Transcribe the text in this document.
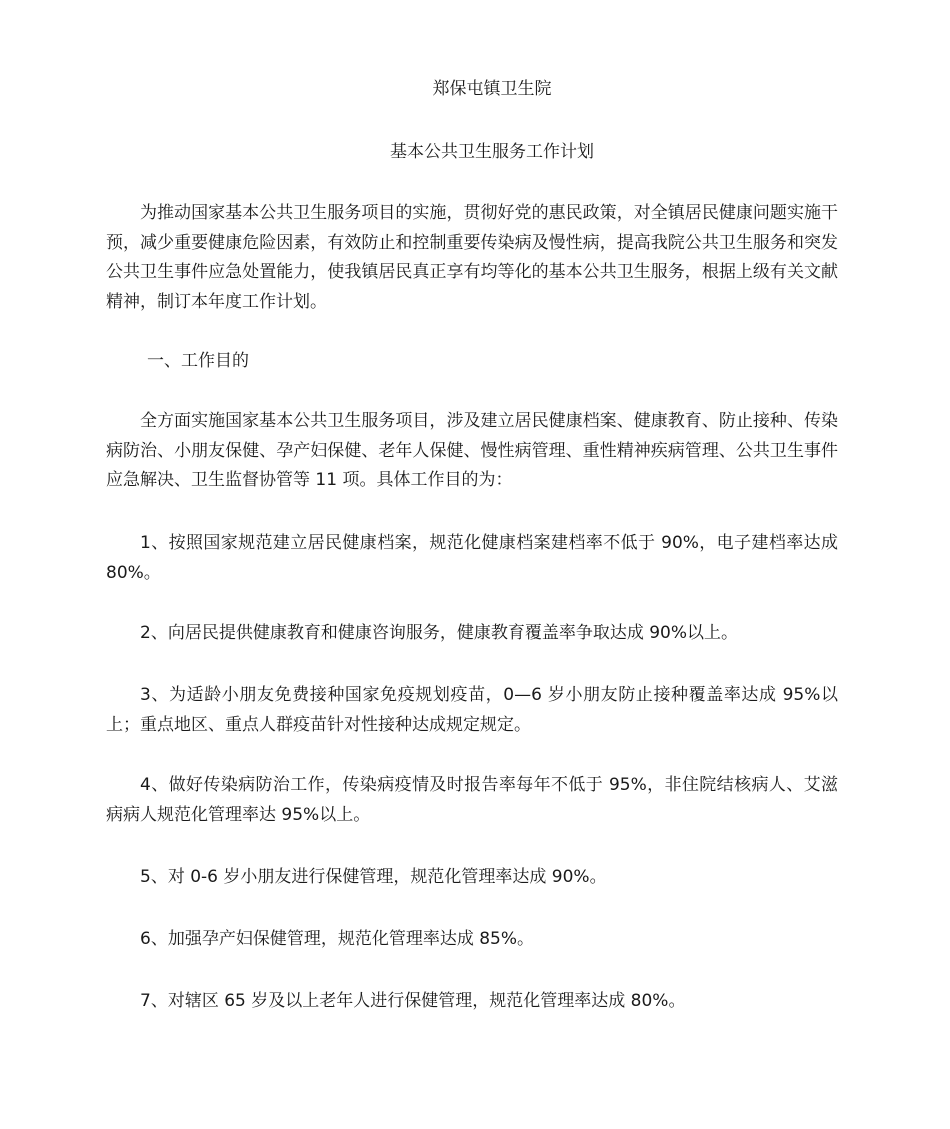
郑保屯镇卫生院
基本公共卫生服务工作计划

为推动国家基本公共卫生服务项目的实施，贯彻好党的惠民政策，对全镇居民健康问题实施干预，减少重要健康危险因素，有效防止和控制重要传染病及慢性病，提高我院公共卫生服务和突发公共卫生事件应急处置能力，使我镇居民真正享有均等化的基本公共卫生服务，根据上级有关文献精神，制订本年度工作计划。

一、工作目的

全方面实施国家基本公共卫生服务项目，涉及建立居民健康档案、健康教育、防止接种、传染病防治、小朋友保健、孕产妇保健、老年人保健、慢性病管理、重性精神疾病管理、公共卫生事件应急解决、卫生监督协管等 11 项。具体工作目的为：

1、按照国家规范建立居民健康档案，规范化健康档案建档率不低于 90%，电子建档率达成 80%。

2、向居民提供健康教育和健康咨询服务，健康教育覆盖率争取达成 90%以上。

3、为适龄小朋友免费接种国家免疫规划疫苗，0—6 岁小朋友防止接种覆盖率达成 95%以上；重点地区、重点人群疫苗针对性接种达成规定规定。

4、做好传染病防治工作，传染病疫情及时报告率每年不低于 95%，非住院结核病人、艾滋病病人规范化管理率达 95%以上。

5、对 0-6 岁小朋友进行保健管理，规范化管理率达成 90%。

6、加强孕产妇保健管理，规范化管理率达成 85%。

7、对辖区 65 岁及以上老年人进行保健管理，规范化管理率达成 80%。
